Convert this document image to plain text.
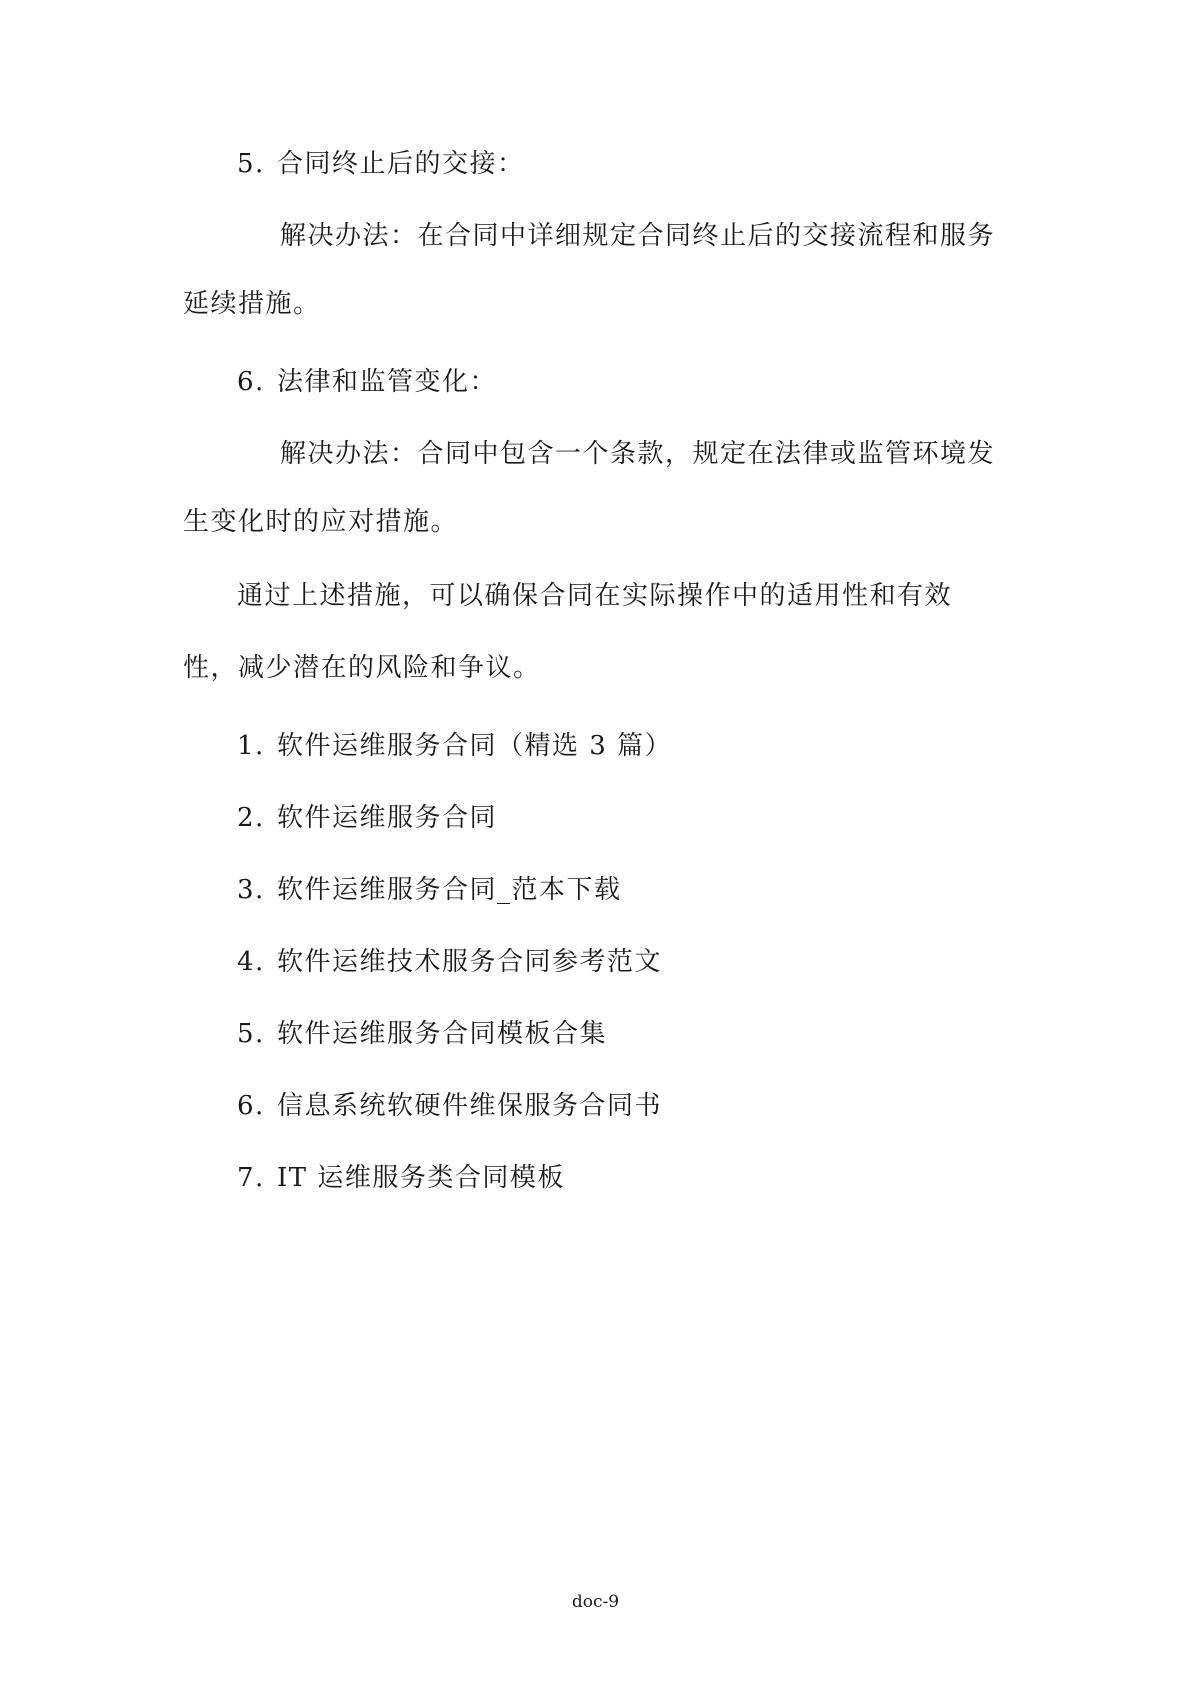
5. 合同终止后的交接：
解决办法：在合同中详细规定合同终止后的交接流程和服务
延续措施。
6. 法律和监管变化：
解决办法：合同中包含一个条款，规定在法律或监管环境发
生变化时的应对措施。
通过上述措施，可以确保合同在实际操作中的适用性和有效
性，减少潜在的风险和争议。
1. 软件运维服务合同（精选 3 篇）
2. 软件运维服务合同
3. 软件运维服务合同_范本下载
4. 软件运维技术服务合同参考范文
5. 软件运维服务合同模板合集
6. 信息系统软硬件维保服务合同书
7. IT 运维服务类合同模板
doc-9
